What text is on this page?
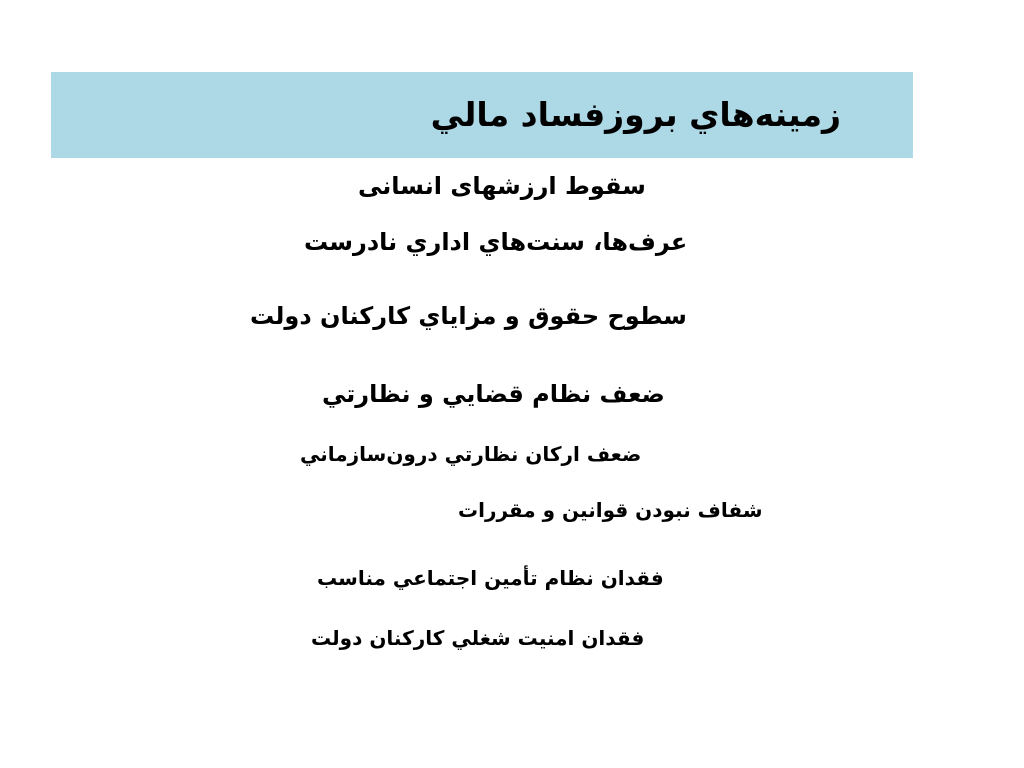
زمينه‌هاي بروزفساد مالي
سقوط ارزشهای انسانی
عرف‌ها، سنت‌هاي اداري نادرست
سطوح حقوق و مزاياي كاركنان دولت
ضعف نظام قضايي و نظارتي
ضعف اركان نظارتي درون‌سازماني
شفاف نبودن قوانين و مقررات
فقدان نظام تأمين اجتماعي مناسب
فقدان امنيت شغلي كاركنان دولت
